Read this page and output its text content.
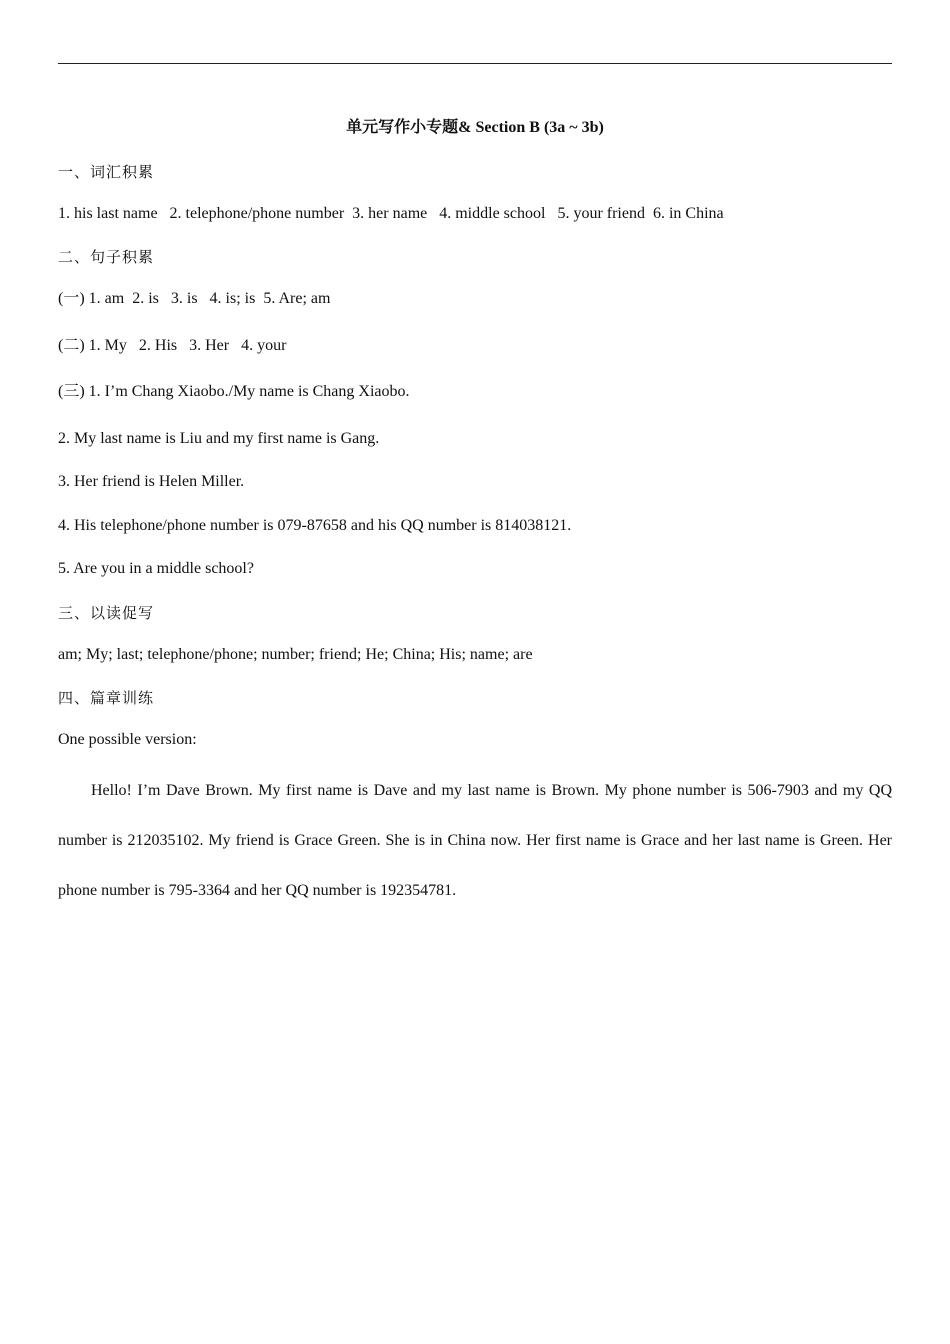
单元写作小专题& Section B (3a ~ 3b)
一、词汇积累
1. his last name   2. telephone/phone number  3. her name   4. middle school   5. your friend  6. in China
二、句子积累
(一) 1. am  2. is   3. is   4. is; is  5. Are; am
(二) 1. My   2. His   3. Her   4. your
(三) 1. I’m Chang Xiaobo./My name is Chang Xiaobo.
2. My last name is Liu and my first name is Gang.
3. Her friend is Helen Miller.
4. His telephone/phone number is 079-87658 and his QQ number is 814038121.
5. Are you in a middle school?
三、以读促写
am; My; last; telephone/phone; number; friend; He; China; His; name; are
四、篇章训练
One possible version:
Hello! I’m Dave Brown. My first name is Dave and my last name is Brown. My phone number is 506-7903 and my QQ number is 212035102. My friend is Grace Green. She is in China now. Her first name is Grace and her last name is Green. Her phone number is 795-3364 and her QQ number is 192354781.
